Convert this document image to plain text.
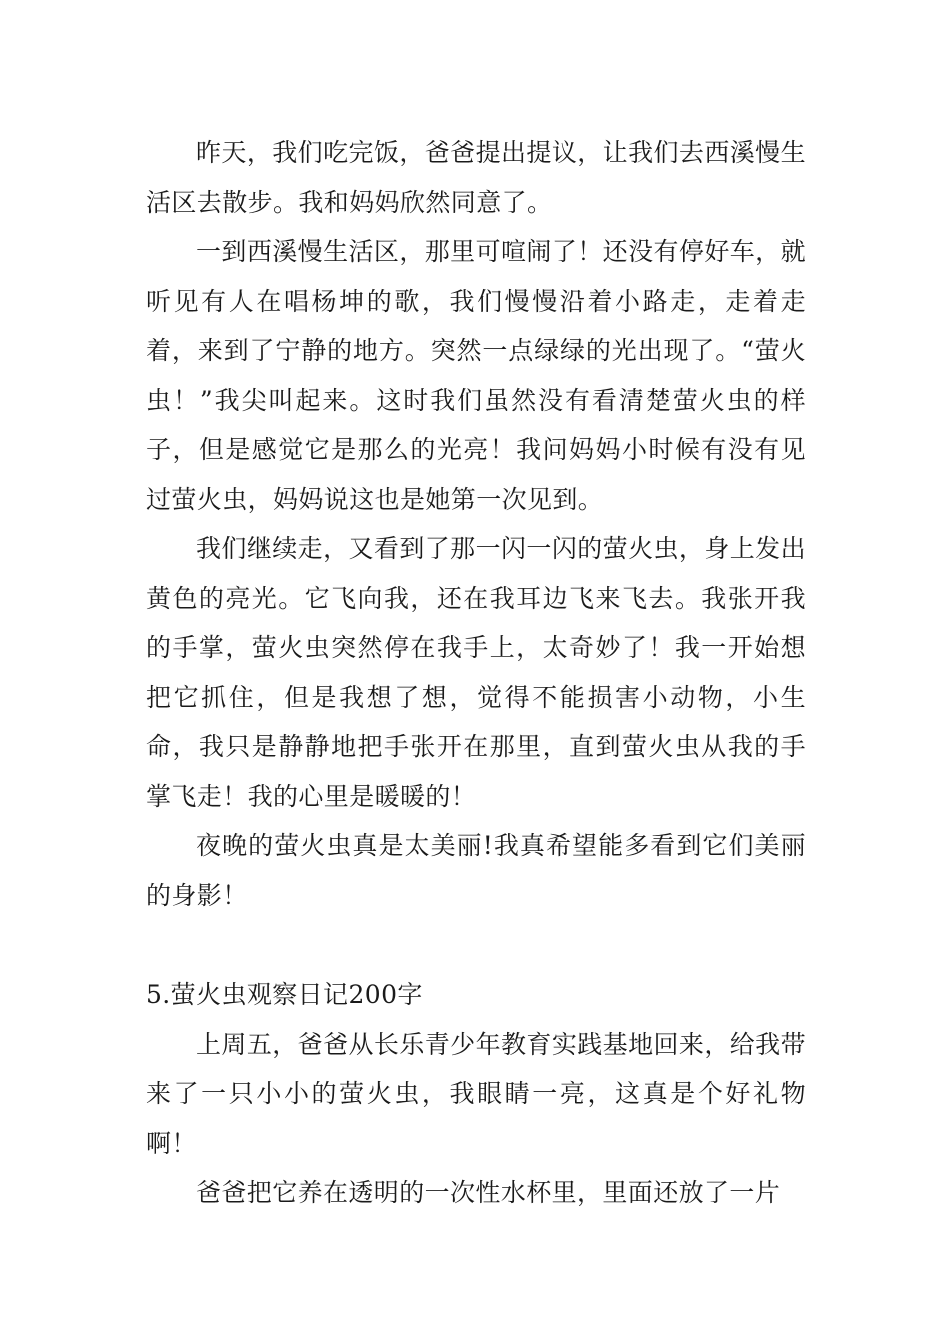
昨天，我们吃完饭，爸爸提出提议，让我们去西溪慢生活区去散步。我和妈妈欣然同意了。

一到西溪慢生活区，那里可喧闹了！还没有停好车，就听见有人在唱杨坤的歌，我们慢慢沿着小路走，走着走着，来到了宁静的地方。突然一点绿绿的光出现了。“萤火虫！”我尖叫起来。这时我们虽然没有看清楚萤火虫的样子，但是感觉它是那么的光亮！我问妈妈小时候有没有见过萤火虫，妈妈说这也是她第一次见到。

我们继续走，又看到了那一闪一闪的萤火虫，身上发出黄色的亮光。它飞向我，还在我耳边飞来飞去。我张开我的手掌，萤火虫突然停在我手上，太奇妙了！我一开始想把它抓住，但是我想了想，觉得不能损害小动物，小生命，我只是静静地把手张开在那里，直到萤火虫从我的手掌飞走！我的心里是暖暖的！

夜晚的萤火虫真是太美丽!我真希望能多看到它们美丽的身影！

5.萤火虫观察日记200字

上周五，爸爸从长乐青少年教育实践基地回来，给我带来了一只小小的萤火虫，我眼睛一亮，这真是个好礼物啊！

爸爸把它养在透明的一次性水杯里，里面还放了一片
